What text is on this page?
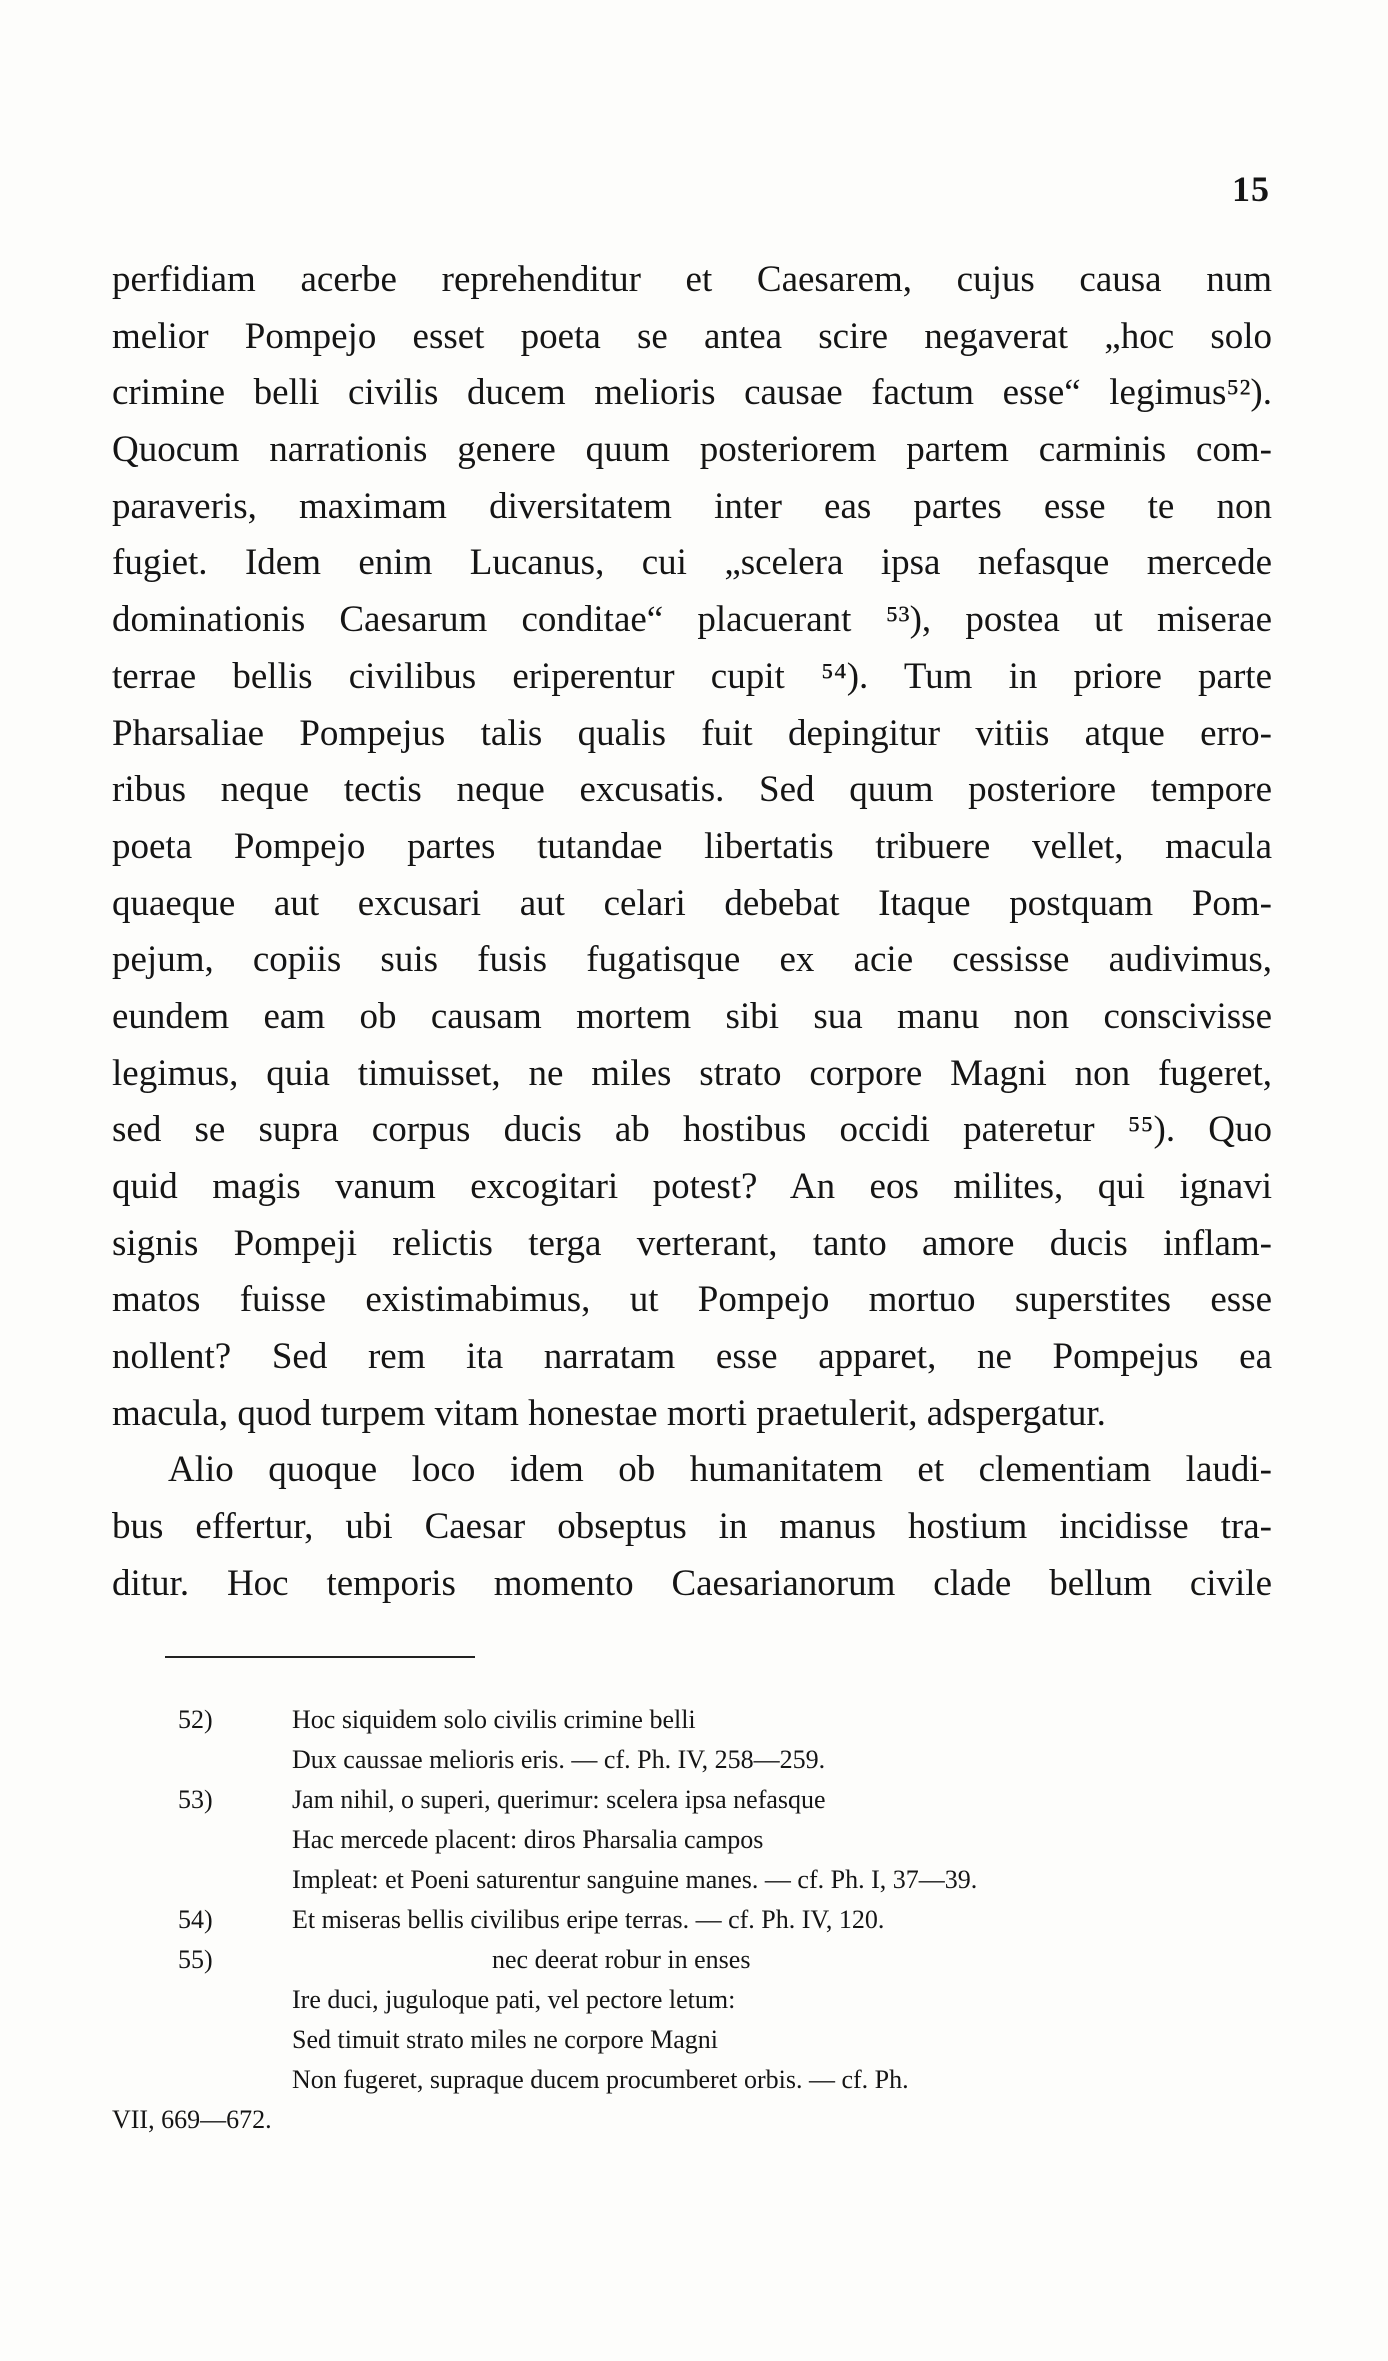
15
perfidiam acerbe reprehenditur et Caesarem, cujus causa num
melior Pompejo esset poeta se antea scire negaverat „hoc solo
crimine belli civilis ducem melioris causae factum esse“ legimus⁵²).
Quocum narrationis genere quum posteriorem partem carminis com-
paraveris, maximam diversitatem inter eas partes esse te non
fugiet. Idem enim Lucanus, cui „scelera ipsa nefasque mercede
dominationis Caesarum conditae“ placuerant ⁵³), postea ut miserae
terrae bellis civilibus eriperentur cupit ⁵⁴). Tum in priore parte
Pharsaliae Pompejus talis qualis fuit depingitur vitiis atque erro-
ribus neque tectis neque excusatis. Sed quum posteriore tempore
poeta Pompejo partes tutandae libertatis tribuere vellet, macula
quaeque aut excusari aut celari debebat Itaque postquam Pom-
pejum, copiis suis fusis fugatisque ex acie cessisse audivimus,
eundem eam ob causam mortem sibi sua manu non conscivisse
legimus, quia timuisset, ne miles strato corpore Magni non fugeret,
sed se supra corpus ducis ab hostibus occidi pateretur ⁵⁵). Quo
quid magis vanum excogitari potest? An eos milites, qui ignavi
signis Pompeji relictis terga verterant, tanto amore ducis inflam-
matos fuisse existimabimus, ut Pompejo mortuo superstites esse
nollent? Sed rem ita narratam esse apparet, ne Pompejus ea
macula, quod turpem vitam honestae morti praetulerit, adspergatur.
Alio quoque loco idem ob humanitatem et clementiam laudi-
bus effertur, ubi Caesar obseptus in manus hostium incidisse tra-
ditur. Hoc temporis momento Caesarianorum clade bellum civile
52)	Hoc siquidem solo civilis crimine belli
Dux caussae melioris eris. — cf. Ph. IV, 258—259.
53)	Jam nihil, o superi, querimur: scelera ipsa nefasque
Hac mercede placent: diros Pharsalia campos
Impleat: et Poeni saturentur sanguine manes. — cf. Ph. I, 37—39.
54)	Et miseras bellis civilibus eripe terras. — cf. Ph. IV, 120.
55)	nec deerat robur in enses
Ire duci, juguloque pati, vel pectore letum:
Sed timuit strato miles ne corpore Magni
Non fugeret, supraque ducem procumberet orbis. — cf. Ph.
VII, 669—672.
